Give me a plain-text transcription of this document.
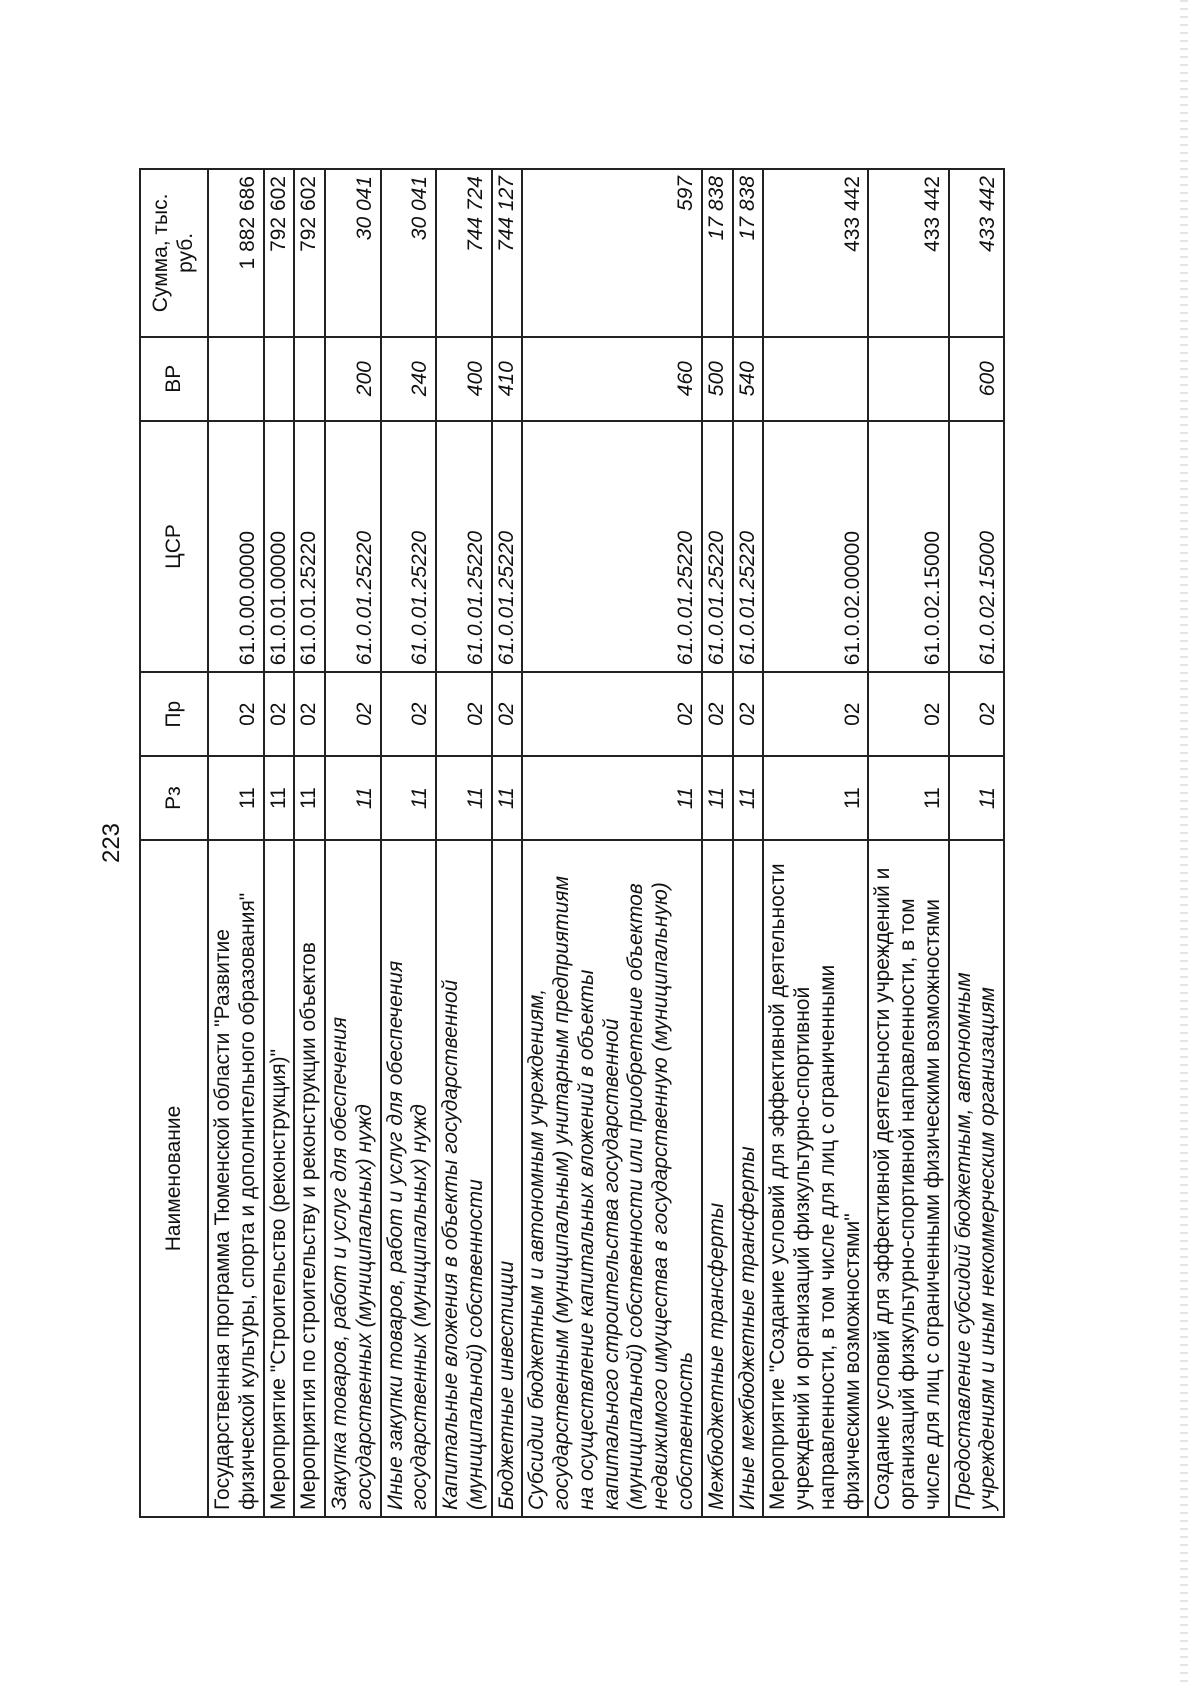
223
Наименование	Рз	Пр	ЦСР	ВР	Сумма, тыс. руб.
Государственная программа Тюменской области "Развитие физической культуры, спорта и дополнительного образования"	11	02	61.0.00.00000		1 882 686
Мероприятие "Строительство (реконструкция)"	11	02	61.0.01.00000		792 602
Мероприятия по строительству и реконструкции объектов	11	02	61.0.01.25220		792 602
Закупка товаров, работ и услуг для обеспечения государственных (муниципальных) нужд	11	02	61.0.01.25220	200	30 041
Иные закупки товаров, работ и услуг для обеспечения государственных (муниципальных) нужд	11	02	61.0.01.25220	240	30 041
Капитальные вложения в объекты государственной (муниципальной) собственности	11	02	61.0.01.25220	400	744 724
Бюджетные инвестиции	11	02	61.0.01.25220	410	744 127
Субсидии бюджетным и автономным учреждениям, государственным (муниципальным) унитарным предприятиям на осуществление капитальных вложений в объекты капитального строительства государственной (муниципальной) собственности или приобретение объектов недвижимого имущества в государственную (муниципальную) собственность	11	02	61.0.01.25220	460	597
Межбюджетные трансферты	11	02	61.0.01.25220	500	17 838
Иные межбюджетные трансферты	11	02	61.0.01.25220	540	17 838
Мероприятие "Создание условий для эффективной деятельности учреждений и организаций физкультурно-спортивной направленности, в том числе для лиц с ограниченными физическими возможностями"	11	02	61.0.02.00000		433 442
Создание условий для эффективной деятельности учреждений и организаций физкультурно-спортивной направленности, в том числе для лиц с ограниченными физическими возможностями	11	02	61.0.02.15000		433 442
Предоставление субсидий бюджетным, автономным учреждениям и иным некоммерческим организациям	11	02	61.0.02.15000	600	433 442
